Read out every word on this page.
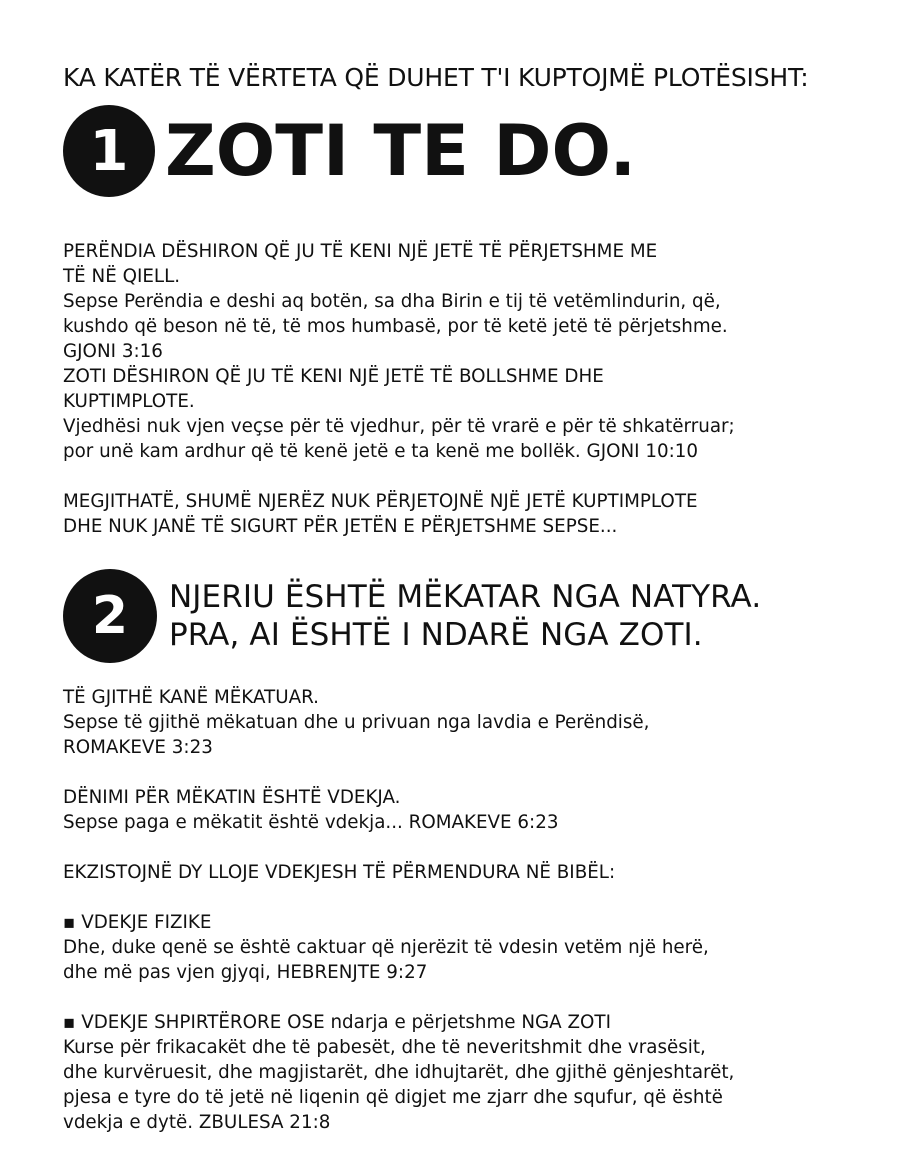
KA KATËR TË VËRTETA QË DUHET T'I KUPTOJMË PLOTËSISHT:
1 ZOTI TE DO.
PERËNDIA DËSHIRON QË JU TË KENI NJË JETË TË PËRJETSHME ME
TË NË QIELL.
Sepse Perëndia e deshi aq botën, sa dha Birin e tij të vetëmlindurin, që,
kushdo që beson në të, të mos humbasë, por të ketë jetë të përjetshme.
GJONI 3:16
ZOTI DËSHIRON QË JU TË KENI NJË JETË TË BOLLSHME DHE
KUPTIMPLOTE.
Vjedhësi nuk vjen veçse për të vjedhur, për të vrarë e për të shkatërruar;
por unë kam ardhur që të kenë jetë e ta kenë me bollëk. GJONI 10:10
MEGJITHATË, SHUMË NJERËZ NUK PËRJETOJNË NJË JETË KUPTIMPLOTE
DHE NUK JANË TË SIGURT PËR JETËN E PËRJETSHME SEPSE...
2	NJERIU ËSHTË MËKATAR NGA NATYRA.
PRA, AI ËSHTË I NDARË NGA ZOTI.
TË GJITHË KANË MËKATUAR.
Sepse të gjithë mëkatuan dhe u privuan nga lavdia e Perëndisë,
ROMAKEVE 3:23
DËNIMI PËR MËKATIN ËSHTË VDEKJA.
Sepse paga e mëkatit është vdekja... ROMAKEVE 6:23
EKZISTOJNË DY LLOJE VDEKJESH TË PËRMENDURA NË BIBËL:
▪ VDEKJE FIZIKE
Dhe, duke qenë se është caktuar që njerëzit të vdesin vetëm një herë,
dhe më pas vjen gjyqi, HEBRENJTE 9:27
▪ VDEKJE SHPIRTËRORE OSE ndarja e përjetshme NGA ZOTI
Kurse për frikacakët dhe të pabesët, dhe të neveritshmit dhe vrasësit,
dhe kurvëruesit, dhe magjistarët, dhe idhujtarët, dhe gjithë gënjeshtarët,
pjesa e tyre do të jetë në liqenin që digjet me zjarr dhe squfur, që është
vdekja e dytë. ZBULESA 21:8
